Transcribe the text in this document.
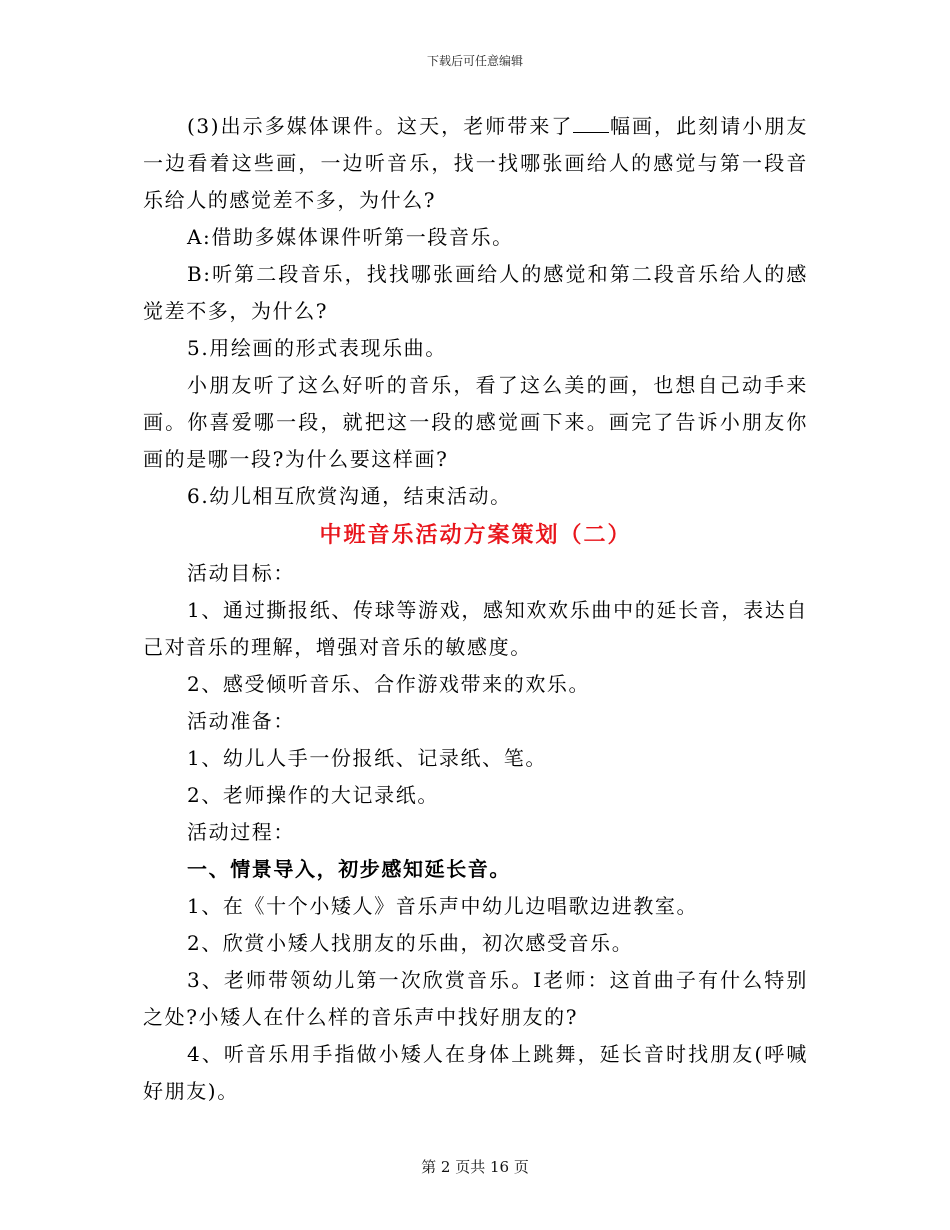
下载后可任意编辑

(3)出示多媒体课件。这天，老师带来了 幅画，此刻请小朋友一边看着这些画，一边听音乐，找一找哪张画给人的感觉与第一段音乐给人的感觉差不多，为什么?

A:借助多媒体课件听第一段音乐。

B:听第二段音乐，找找哪张画给人的感觉和第二段音乐给人的感觉差不多，为什么?

5.用绘画的形式表现乐曲。

小朋友听了这么好听的音乐，看了这么美的画，也想自己动手来画。你喜爱哪一段，就把这一段的感觉画下来。画完了告诉小朋友你画的是哪一段?为什么要这样画?

6.幼儿相互欣赏沟通，结束活动。

中班音乐活动方案策划（二）

活动目标：

1、通过撕报纸、传球等游戏，感知欢欢乐曲中的延长音，表达自己对音乐的理解，增强对音乐的敏感度。

2、感受倾听音乐、合作游戏带来的欢乐。

活动准备：

1、幼儿人手一份报纸、记录纸、笔。

2、老师操作的大记录纸。

活动过程：

一、情景导入，初步感知延长音。

1、在《十个小矮人》音乐声中幼儿边唱歌边进教室。

2、欣赏小矮人找朋友的乐曲，初次感受音乐。

3、老师带领幼儿第一次欣赏音乐。I老师：这首曲子有什么特别之处?小矮人在什么样的音乐声中找好朋友的?

4、听音乐用手指做小矮人在身体上跳舞，延长音时找朋友(呼喊好朋友)。

第 2 页共 16 页
